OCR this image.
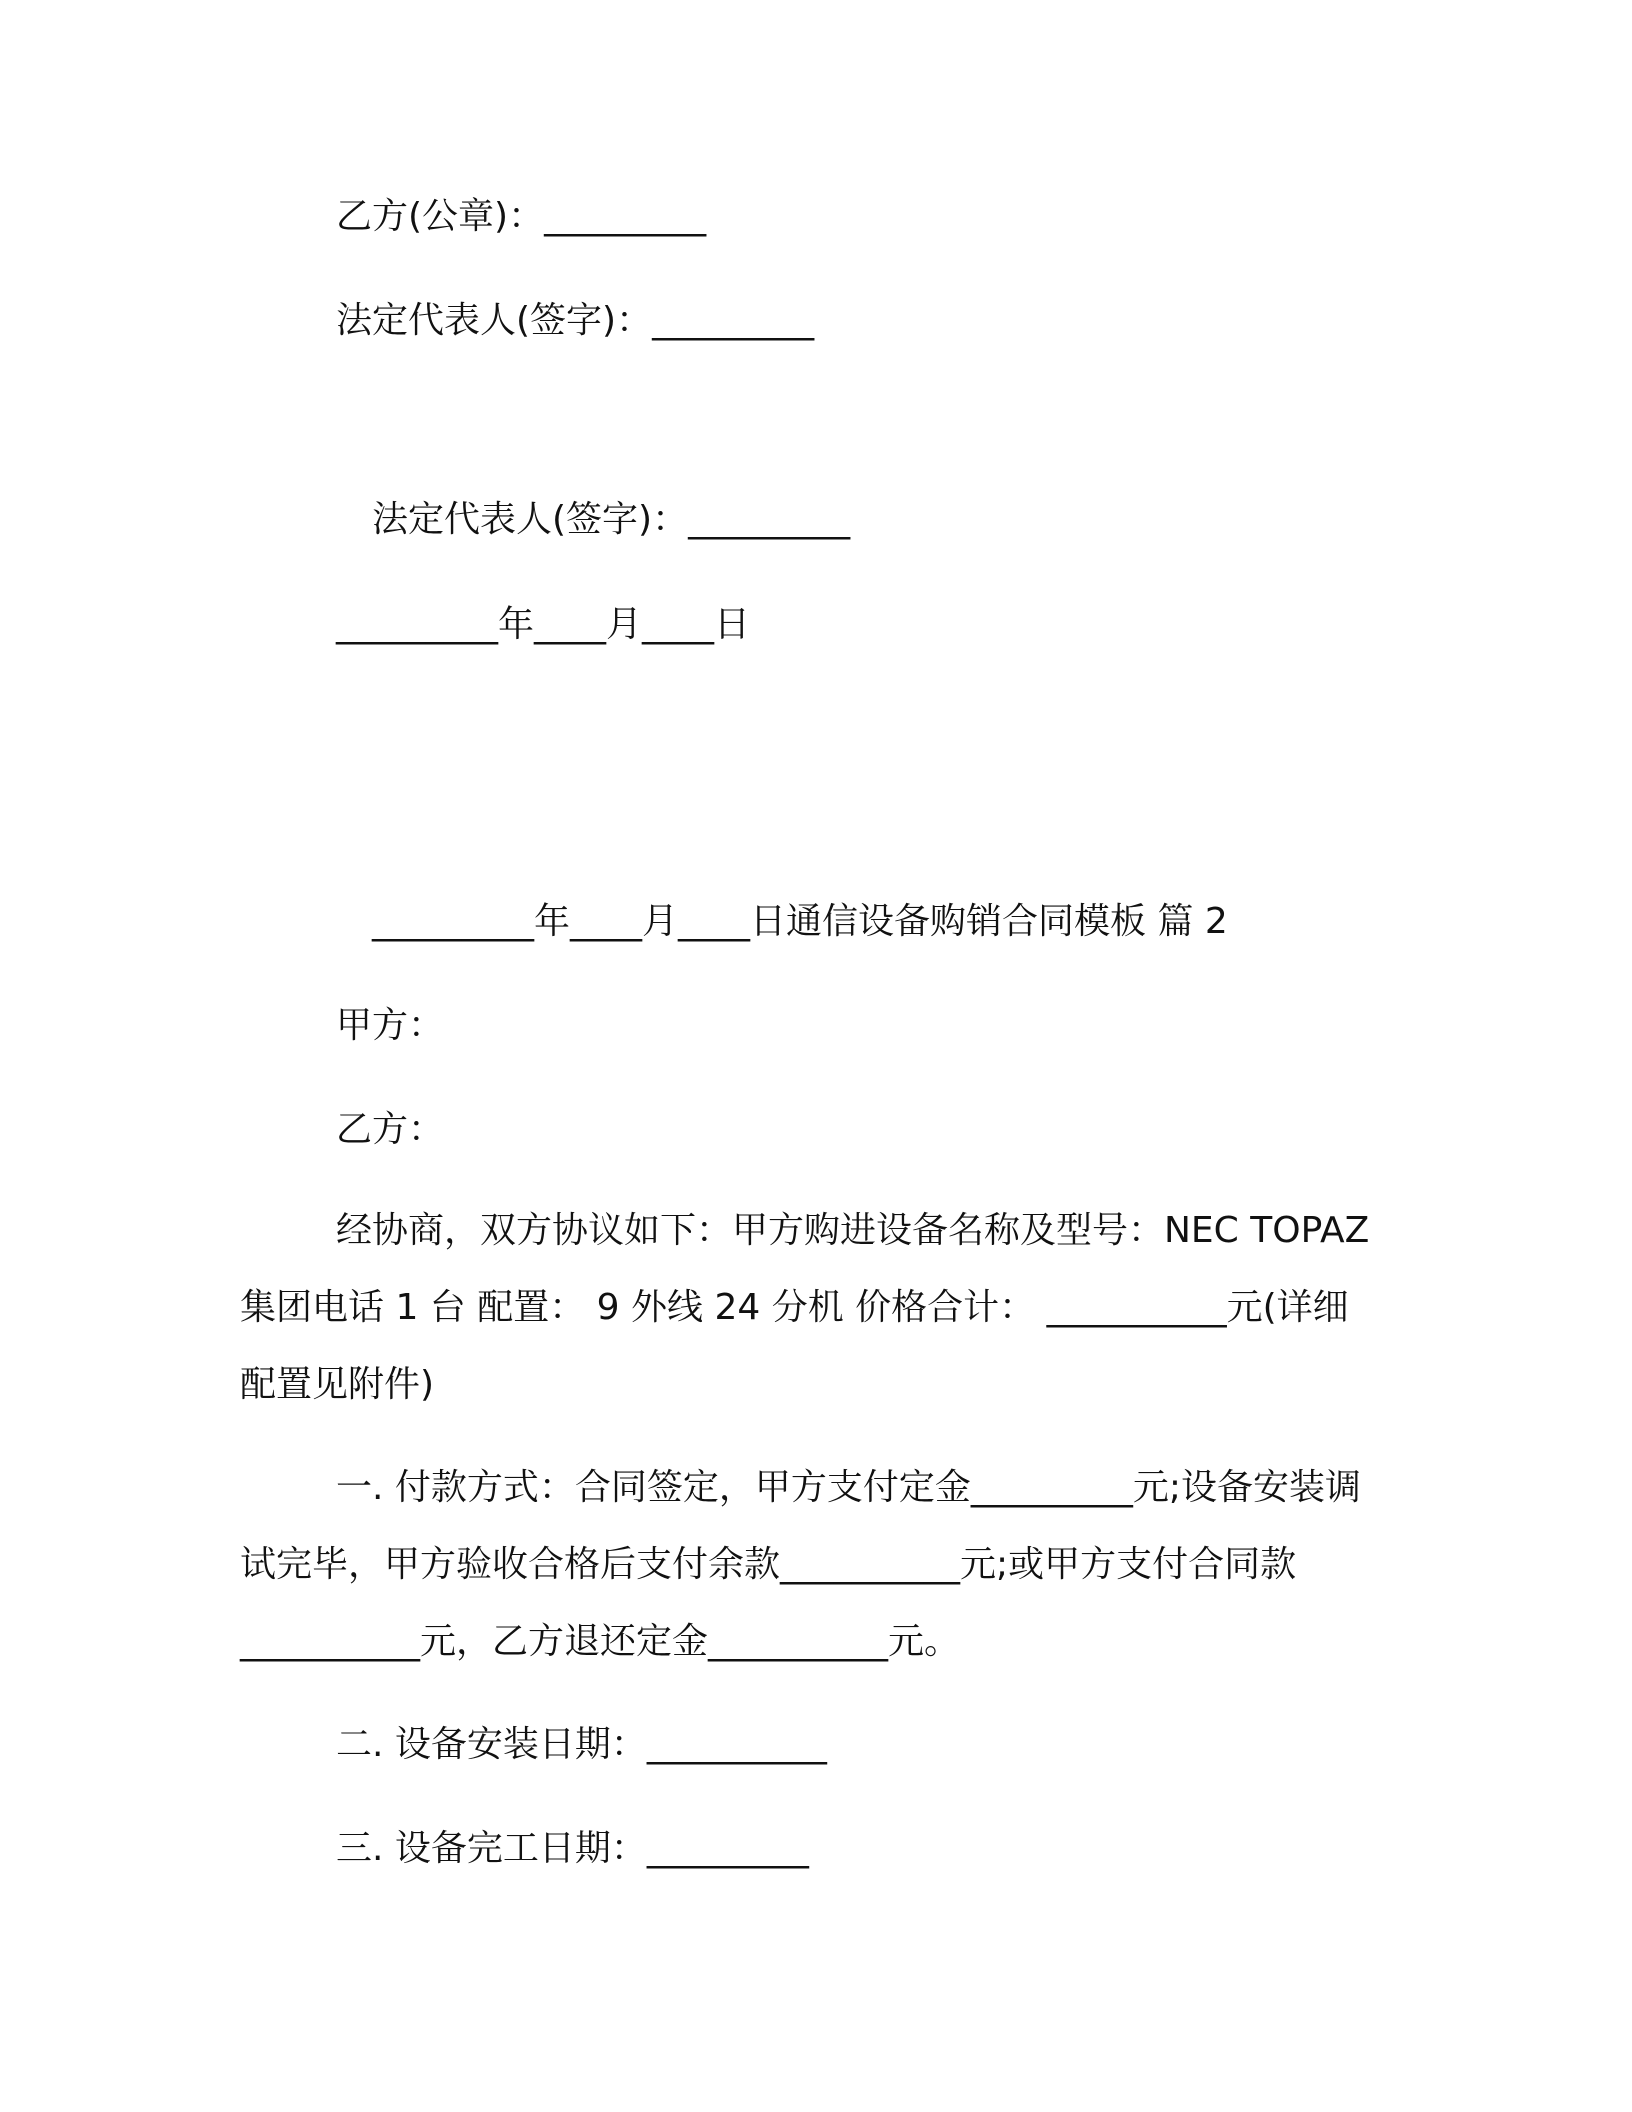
乙方(公章)：_________
法定代表人(签字)：_________
法定代表人(签字)：_________
_________年____月____日
_________年____月____日通信设备购销合同模板 篇 2
甲方：
乙方：
经协商，双方协议如下：甲方购进设备名称及型号：NEC TOPAZ 集团电话 1 台 配置： 9 外线 24 分机 价格合计： __________元(详细配置见附件)
一. 付款方式：合同签定，甲方支付定金_________元;设备安装调试完毕，甲方验收合格后支付余款__________元;或甲方支付合同款__________元，乙方退还定金__________元。
二. 设备安装日期：__________
三. 设备完工日期：_________
